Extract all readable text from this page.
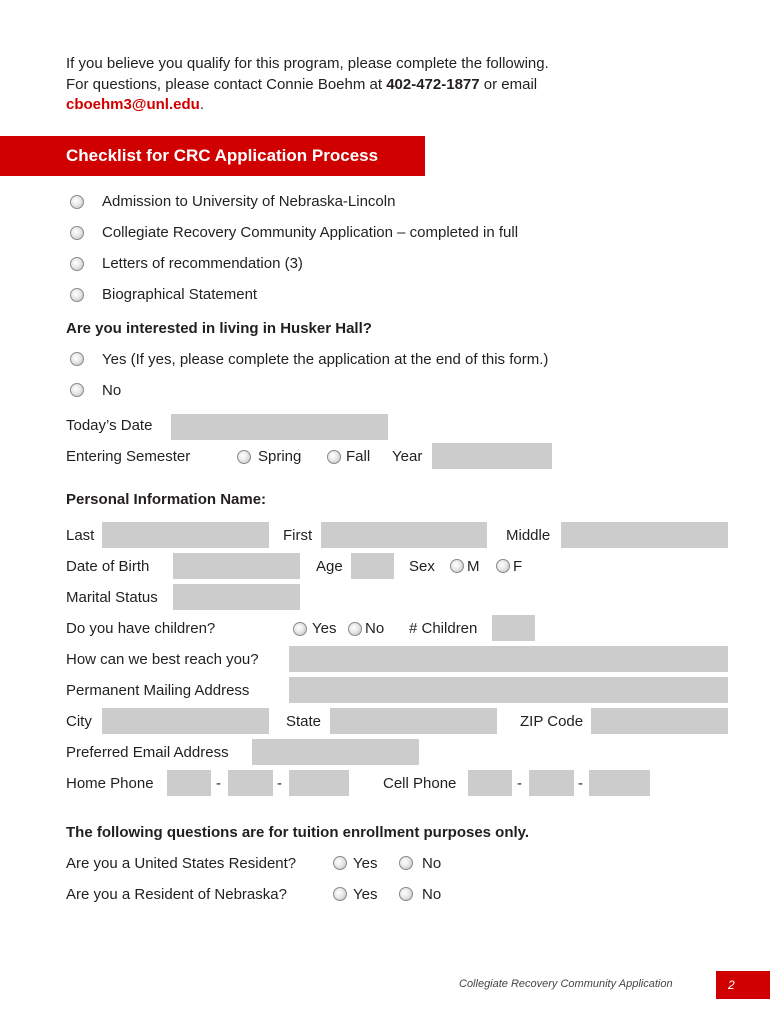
If you believe you qualify for this program, please complete the following.
For questions, please contact Connie Boehm at 402-472-1877 or email
cboehm3@unl.edu.
Checklist for CRC Application Process
Admission to University of Nebraska-Lincoln
Collegiate Recovery Community Application – completed in full
Letters of recommendation (3)
Biographical Statement
Are you interested in living in Husker Hall?
Yes (If yes, please complete the application at the end of this form.)
No
Today’s Date
Entering Semester	Spring	Fall Year
Personal Information Name:
Last	First	Middle
Date of Birth	Age	Sex M F
Marital Status
Do you have children?	Yes No # Children
How can we best reach you?
Permanent Mailing Address
City	State	ZIP Code
Preferred Email Address
Home Phone	-	-	Cell Phone	-	-
The following questions are for tuition enrollment purposes only.
Are you a United States Resident?	Yes	No
Are you a Resident of Nebraska?	Yes	No
Collegiate Recovery Community Application	2
